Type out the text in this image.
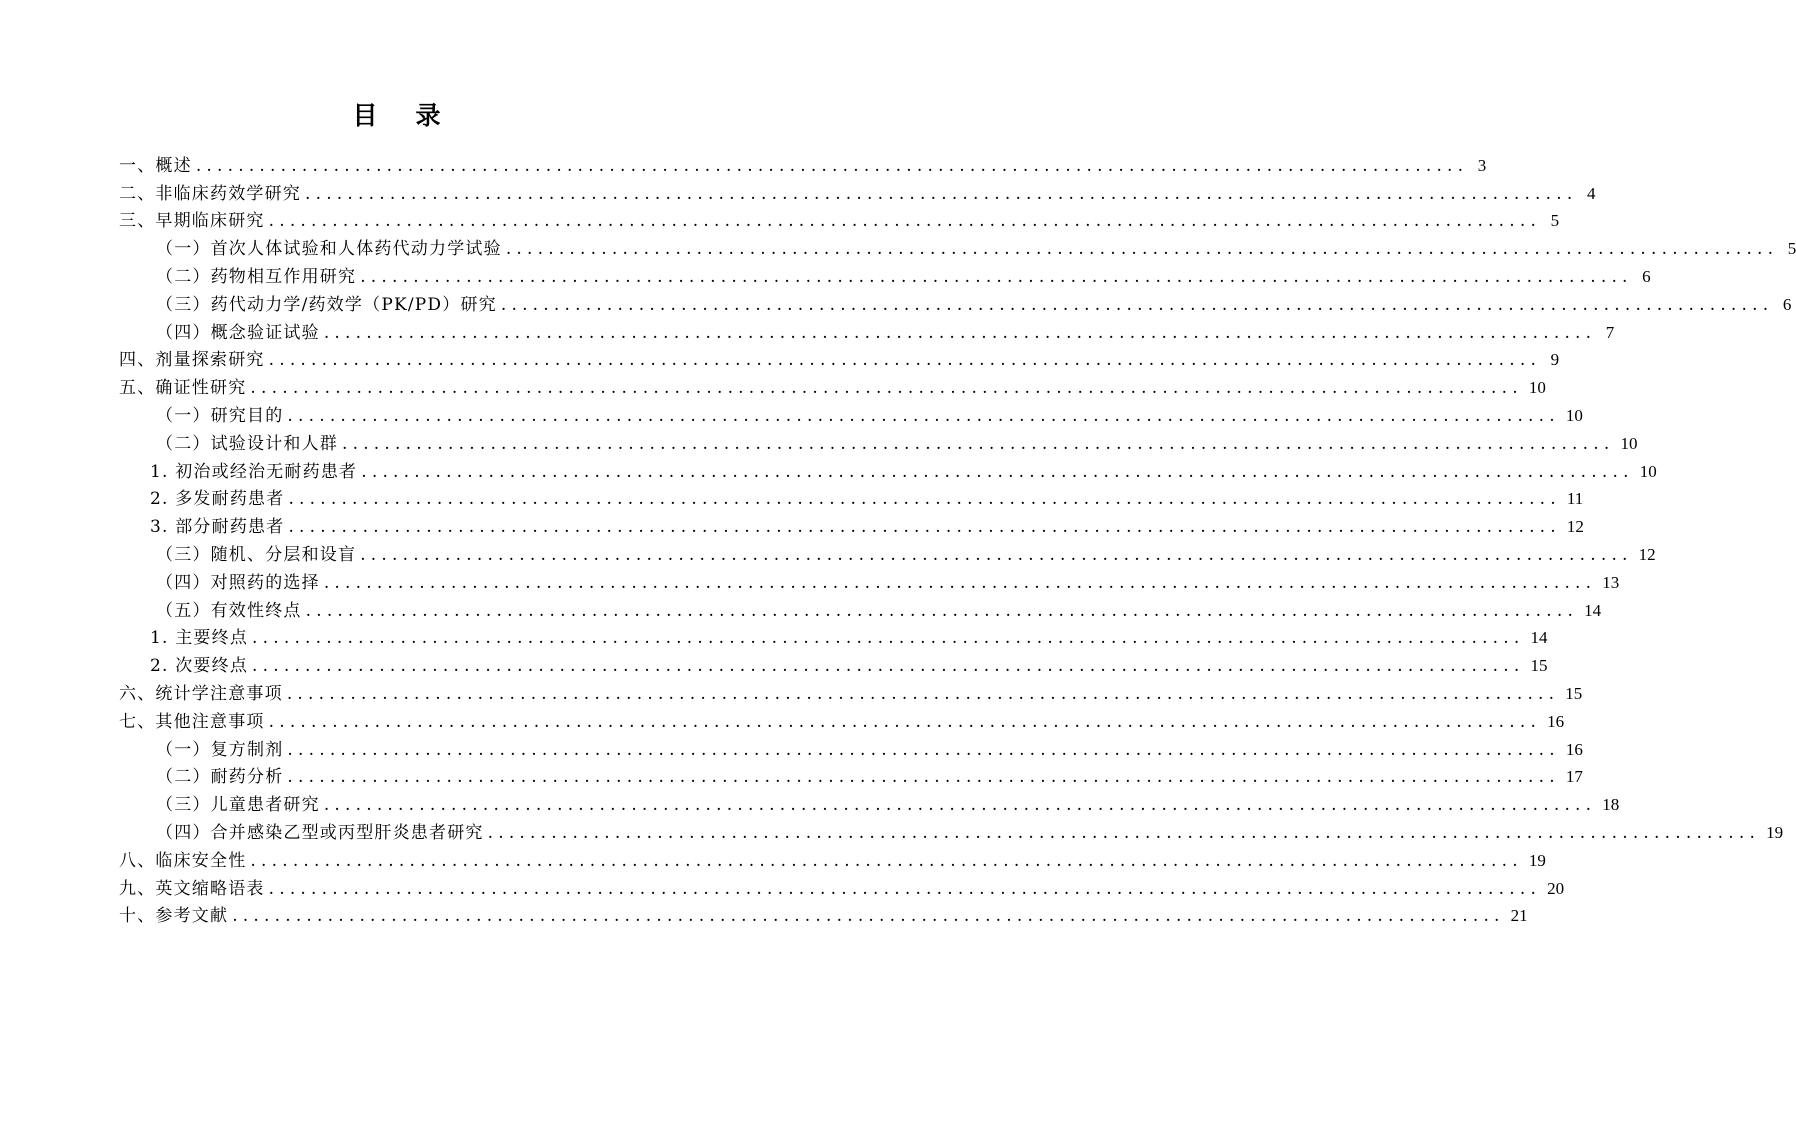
目 录
一、概述 ........................................................................................................................ 3
二、非临床药效学研究 ........................................................................................................................ 4
三、早期临床研究 ........................................................................................................................ 5
（一）首次人体试验和人体药代动力学试验 ........................................................................................................................ 5
（二）药物相互作用研究 ........................................................................................................................ 6
（三）药代动力学/药效学（PK/PD）研究 ........................................................................................................................ 6
（四）概念验证试验 ........................................................................................................................ 7
四、剂量探索研究 ........................................................................................................................ 9
五、确证性研究 ........................................................................................................................ 10
（一）研究目的 ........................................................................................................................ 10
（二）试验设计和人群 ........................................................................................................................ 10
1. 初治或经治无耐药患者 ........................................................................................................................ 10
2. 多发耐药患者 ........................................................................................................................ 11
3. 部分耐药患者 ........................................................................................................................ 12
（三）随机、分层和设盲 ........................................................................................................................ 12
（四）对照药的选择 ........................................................................................................................ 13
（五）有效性终点 ........................................................................................................................ 14
1. 主要终点 ........................................................................................................................ 14
2. 次要终点 ........................................................................................................................ 15
六、统计学注意事项 ........................................................................................................................ 15
七、其他注意事项 ........................................................................................................................ 16
（一）复方制剂 ........................................................................................................................ 16
（二）耐药分析 ........................................................................................................................ 17
（三）儿童患者研究 ........................................................................................................................ 18
（四）合并感染乙型或丙型肝炎患者研究 ........................................................................................................................ 19
八、临床安全性 ........................................................................................................................ 19
九、英文缩略语表 ........................................................................................................................ 20
十、参考文献 ........................................................................................................................ 21
